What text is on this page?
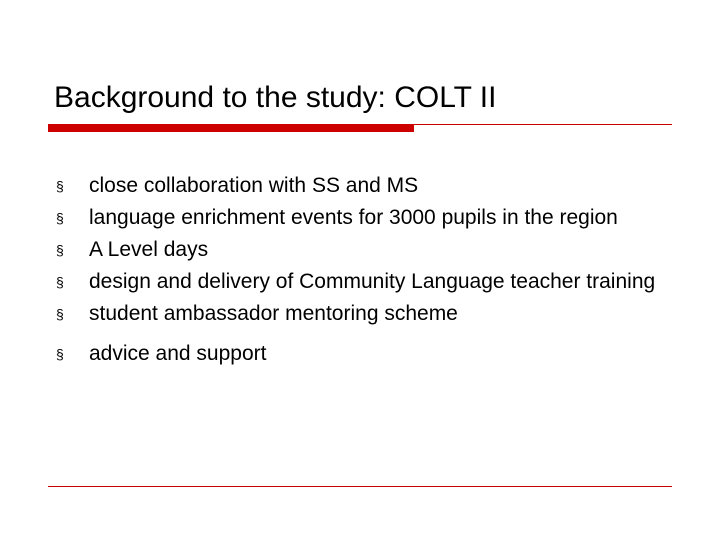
Background to the study: COLT II
§	close collaboration with SS and MS
§	language enrichment events for 3000 pupils in the region
§	A Level days
§	design and delivery of Community Language teacher training
§	student ambassador mentoring scheme
§	advice and support
